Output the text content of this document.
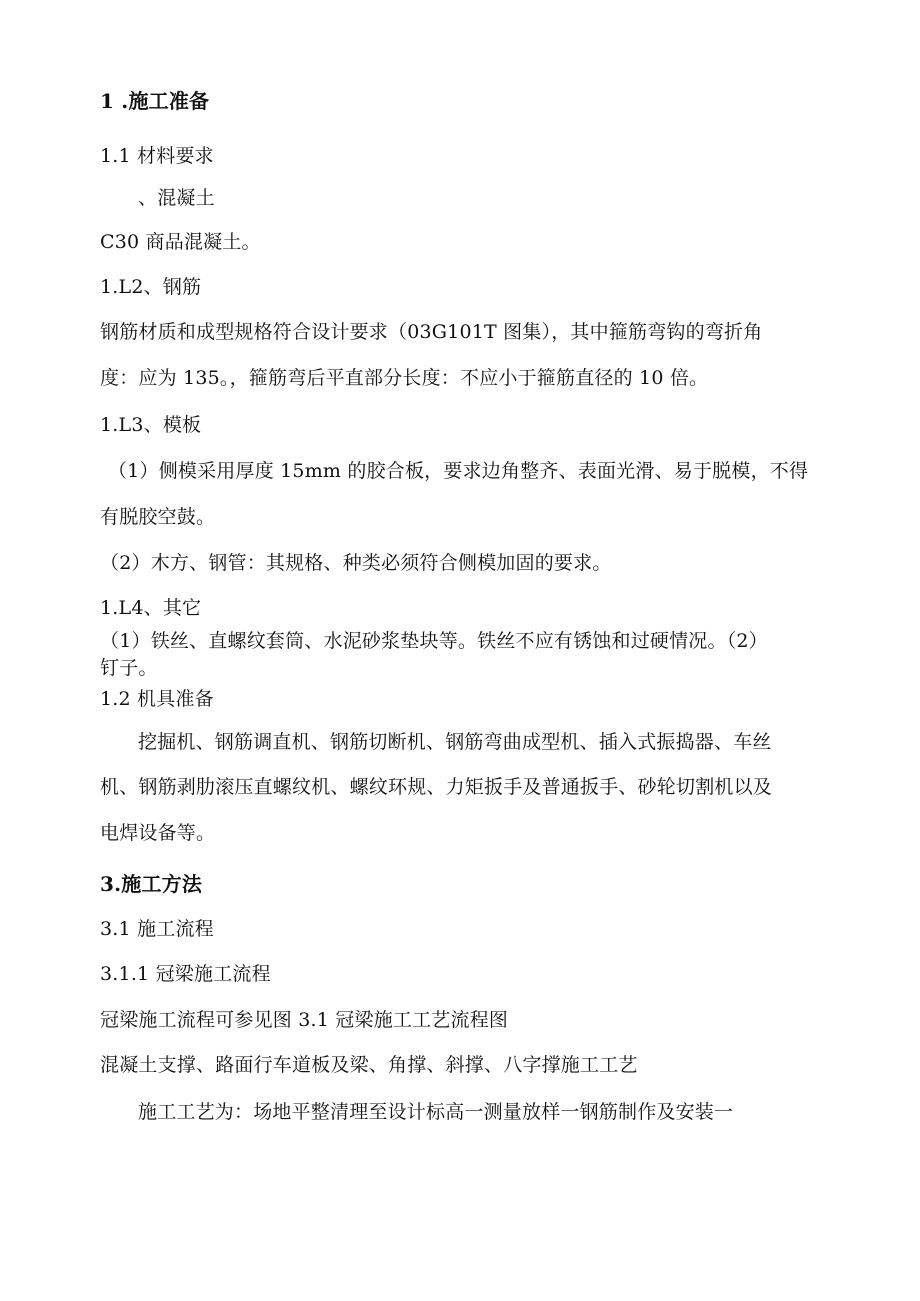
1 .施工准备
1.1 材料要求
、混凝土
C30 商品混凝土。
1.L2、钢筋
钢筋材质和成型规格符合设计要求（03G101T 图集），其中箍筋弯钩的弯折角
度：应为 135。，箍筋弯后平直部分长度：不应小于箍筋直径的 10 倍。
1.L3、模板
（1）侧模采用厚度 15mm 的胶合板，要求边角整齐、表面光滑、易于脱模，不得
有脱胶空鼓。
（2）木方、钢管：其规格、种类必须符合侧模加固的要求。
1.L4、其它
（1）铁丝、直螺纹套筒、水泥砂浆垫块等。铁丝不应有锈蚀和过硬情况。（2）
钉子。
1.2 机具准备
挖掘机、钢筋调直机、钢筋切断机、钢筋弯曲成型机、插入式振捣器、车丝
机、钢筋剥肋滚压直螺纹机、螺纹环规、力矩扳手及普通扳手、砂轮切割机以及
电焊设备等。
3.施工方法
3.1 施工流程
3.1.1 冠梁施工流程
冠梁施工流程可参见图 3.1 冠梁施工工艺流程图
混凝土支撑、路面行车道板及梁、角撑、斜撑、八字撑施工工艺
施工工艺为：场地平整清理至设计标高一测量放样一钢筋制作及安装一
